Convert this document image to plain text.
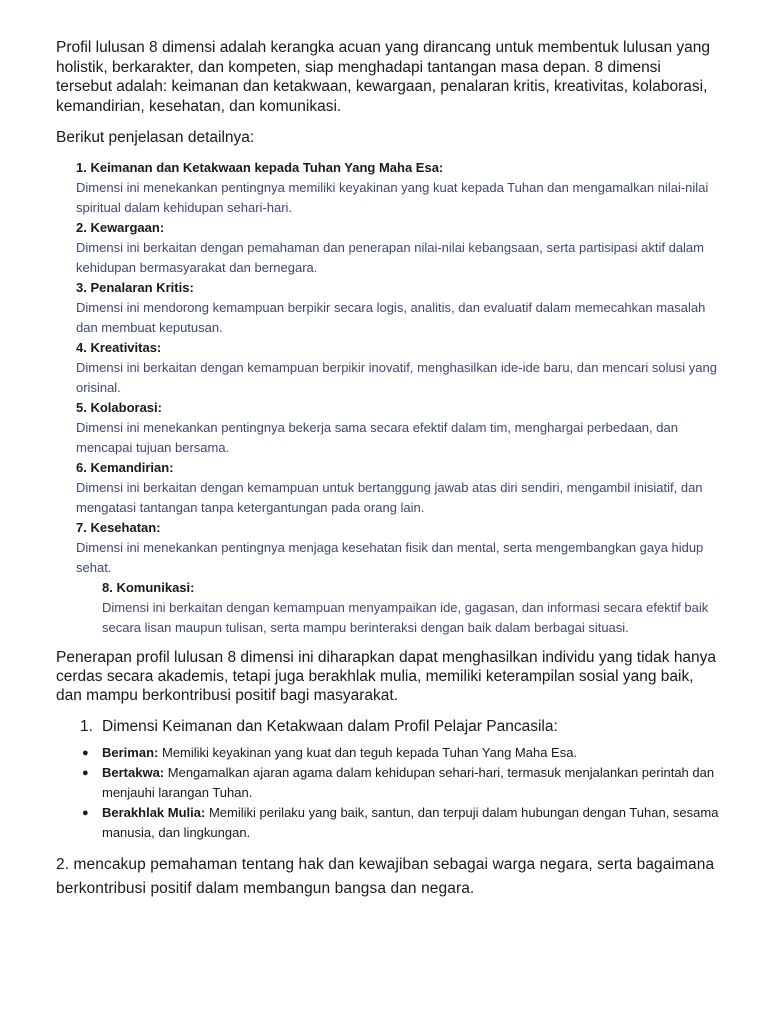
Profil lulusan 8 dimensi adalah kerangka acuan yang dirancang untuk membentuk lulusan yang holistik, berkarakter, dan kompeten, siap menghadapi tantangan masa depan. 8 dimensi tersebut adalah: keimanan dan ketakwaan, kewargaan, penalaran kritis, kreativitas, kolaborasi, kemandirian, kesehatan, dan komunikasi.

Berikut penjelasan detailnya:

1. Keimanan dan Ketakwaan kepada Tuhan Yang Maha Esa:

Dimensi ini menekankan pentingnya memiliki keyakinan yang kuat kepada Tuhan dan mengamalkan nilai-nilai spiritual dalam kehidupan sehari-hari.

2. Kewargaan:

Dimensi ini berkaitan dengan pemahaman dan penerapan nilai-nilai kebangsaan, serta partisipasi aktif dalam kehidupan bermasyarakat dan bernegara.

3. Penalaran Kritis:

Dimensi ini mendorong kemampuan berpikir secara logis, analitis, dan evaluatif dalam memecahkan masalah dan membuat keputusan.

4. Kreativitas:

Dimensi ini berkaitan dengan kemampuan berpikir inovatif, menghasilkan ide-ide baru, dan mencari solusi yang orisinal.

5. Kolaborasi:

Dimensi ini menekankan pentingnya bekerja sama secara efektif dalam tim, menghargai perbedaan, dan mencapai tujuan bersama.

6. Kemandirian:

Dimensi ini berkaitan dengan kemampuan untuk bertanggung jawab atas diri sendiri, mengambil inisiatif, dan mengatasi tantangan tanpa ketergantungan pada orang lain.

7. Kesehatan:

Dimensi ini menekankan pentingnya menjaga kesehatan fisik dan mental, serta mengembangkan gaya hidup sehat.

8. Komunikasi:

Dimensi ini berkaitan dengan kemampuan menyampaikan ide, gagasan, dan informasi secara efektif baik secara lisan maupun tulisan, serta mampu berinteraksi dengan baik dalam berbagai situasi.

Penerapan profil lulusan 8 dimensi ini diharapkan dapat menghasilkan individu yang tidak hanya cerdas secara akademis, tetapi juga berakhlak mulia, memiliki keterampilan sosial yang baik, dan mampu berkontribusi positif bagi masyarakat.

1. Dimensi Keimanan dan Ketakwaan dalam Profil Pelajar Pancasila:
●	Beriman: Memiliki keyakinan yang kuat dan teguh kepada Tuhan Yang Maha Esa.
●	Bertakwa: Mengamalkan ajaran agama dalam kehidupan sehari-hari, termasuk menjalankan perintah dan menjauhi larangan Tuhan.
●	Berakhlak Mulia: Memiliki perilaku yang baik, santun, dan terpuji dalam hubungan dengan Tuhan, sesama manusia, dan lingkungan.

2. mencakup pemahaman tentang hak dan kewajiban sebagai warga negara, serta bagaimana berkontribusi positif dalam membangun bangsa dan negara.
